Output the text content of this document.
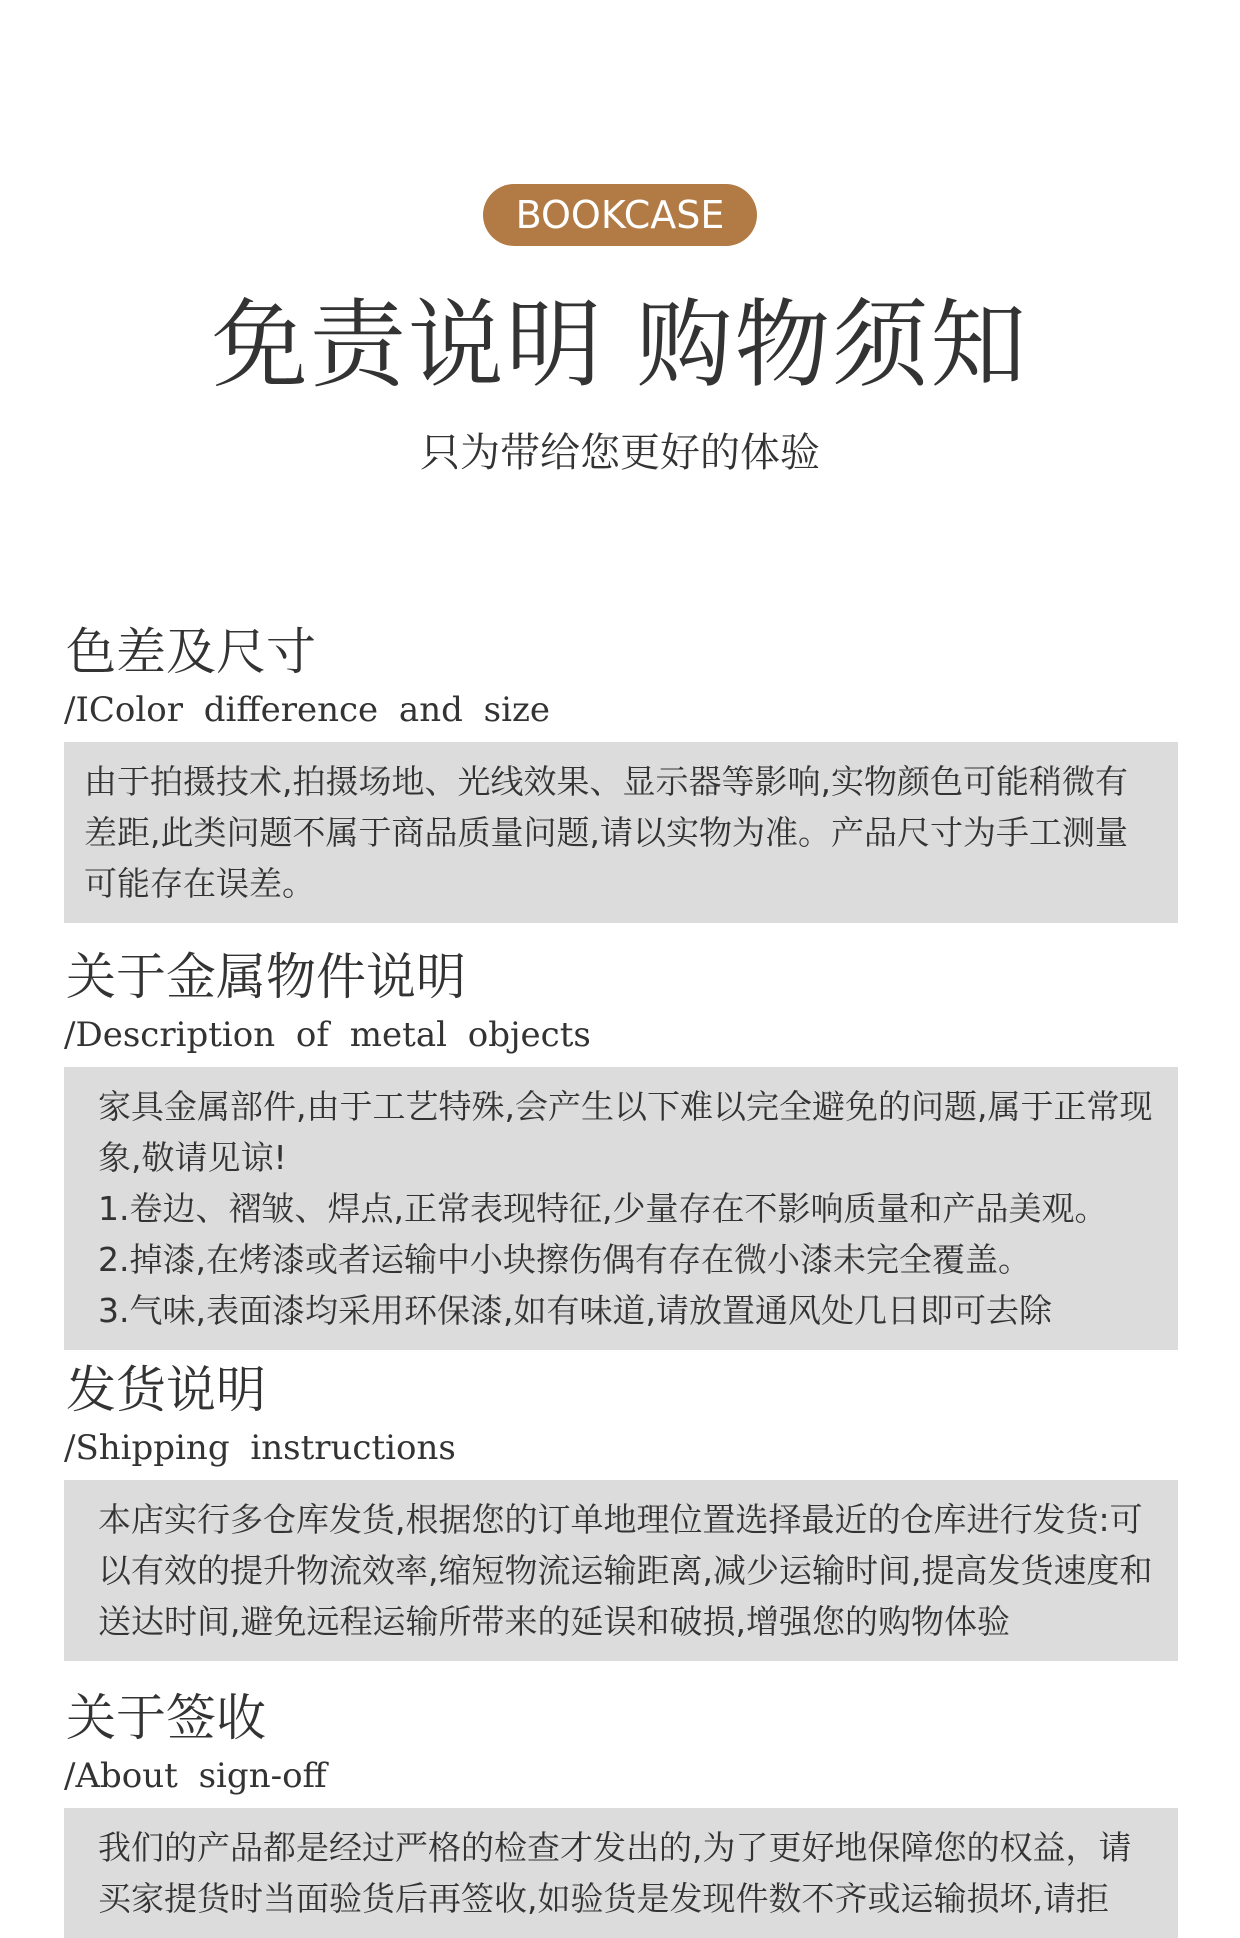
BOOKCASE
免责说明 购物须知

只为带给您更好的体验

色差及尺寸
/IColor difference and size

由于拍摄技术,拍摄场地、光线效果、显示器等影响,实物颜色可能稍微有差距,此类问题不属于商品质量问题,请以实物为准。产品尺寸为手工测量可能存在误差。

关于金属物件说明
/Description of metal objects

家具金属部件,由于工艺特殊,会产生以下难以完全避免的问题,属于正常现象,敬请见谅!

1.卷边、褶皱、焊点,正常表现特征,少量存在不影响质量和产品美观。

2.掉漆,在烤漆或者运输中小块擦伤偶有存在微小漆未完全覆盖。

3.气味,表面漆均采用环保漆,如有味道,请放置通风处几日即可去除

发货说明
/Shipping instructions

本店实行多仓库发货,根据您的订单地理位置选择最近的仓库进行发货:可以有效的提升物流效率,缩短物流运输距离,减少运输时间,提高发货速度和送达时间,避免远程运输所带来的延误和破损,增强您的购物体验

关于签收
/About sign-off

我们的产品都是经过严格的检查才发出的,为了更好地保障您的权益，请买家提货时当面验货后再签收,如验货是发现件数不齐或运输损坏,请拒
